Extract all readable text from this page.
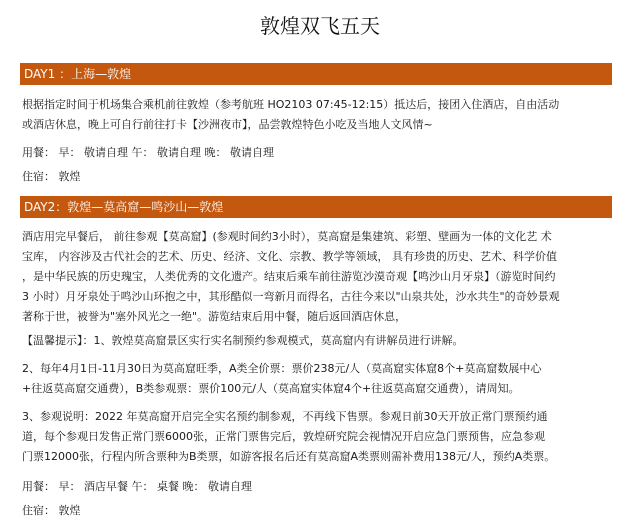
敦煌双飞五天
DAY1 ：上海—敦煌
根据指定时间于机场集合乘机前往敦煌（参考航班 HO2103 07:45-12:15）抵达后，接团入住酒店，自由活动
或酒店休息，晚上可自行前往打卡【沙洲夜市】，品尝敦煌特色小吃及当地人文风情~
用餐： 早： 敬请自理 午： 敬请自理 晚： 敬请自理
住宿： 敦煌
DAY2：敦煌—莫高窟—鸣沙山—敦煌
酒店用完早餐后， 前往参观【莫高窟】(参观时间约3小时），莫高窟是集建筑、彩塑、壁画为一体的文化艺 术
宝库， 内容涉及古代社会的艺术、历史、经济、文化、宗教、教学等领域， 具有珍贵的历史、艺术、科学价值
，是中华民族的历史瑰宝，人类优秀的文化遗产。结束后乘车前往游览沙漠奇观【鸣沙山月牙泉】（游览时间约
3 小时）月牙泉处于鸣沙山环抱之中，其形酷似一弯新月而得名，古往今来以"山泉共处，沙水共生"的奇妙景观
著称于世，被誉为"塞外风光之一绝"。游览结束后用中餐，随后返回酒店休息，
【温馨提示】：1、敦煌莫高窟景区实行实名制预约参观模式，莫高窟内有讲解员进行讲解。
2、每年4月1日-11月30日为莫高窟旺季，A类全价票：票价238元/人（莫高窟实体窟8个+莫高窟数展中心
+往返莫高窟交通费），B类参观票：票价100元/人（莫高窟实体窟4个+往返莫高窟交通费），请周知。
3、参观说明：2022 年莫高窟开启完全实名预约制参观，不再线下售票。参观日前30天开放正常门票预约通
道，每个参观日发售正常门票6000张，正常门票售完后，敦煌研究院会视情况开启应急门票预售，应急参观
门票12000张，行程内所含票种为B类票，如游客报名后还有莫高窟A类票则需补费用138元/人，预约A类票。
用餐： 早： 酒店早餐 午： 桌餐 晚： 敬请自理
住宿： 敦煌
